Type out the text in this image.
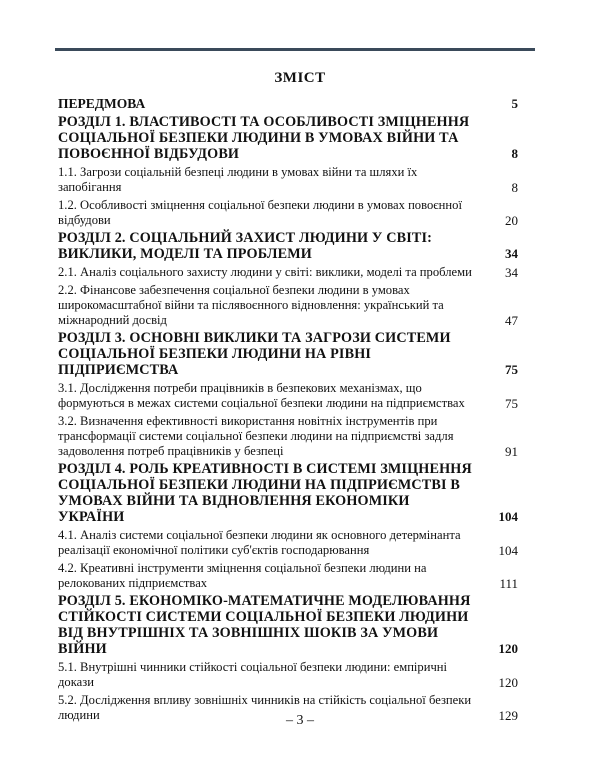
ЗМІСТ
ПЕРЕДМОВА	5
РОЗДІЛ 1. ВЛАСТИВОСТІ ТА ОСОБЛИВОСТІ ЗМІЦНЕННЯ СОЦІАЛЬНОЇ БЕЗПЕКИ ЛЮДИНИ В УМОВАХ ВІЙНИ ТА ПОВОЄННОЇ ВІДБУДОВИ	8
1.1. Загрози соціальній безпеці людини в умовах війни та шляхи їх запобігання	8
1.2. Особливості зміцнення соціальної безпеки людини в умовах повоєнної відбудови	20
РОЗДІЛ 2. СОЦІАЛЬНИЙ ЗАХИСТ ЛЮДИНИ У СВІТІ: ВИКЛИКИ, МОДЕЛІ ТА ПРОБЛЕМИ	34
2.1. Аналіз соціального захисту людини у світі: виклики, моделі та проблеми	34
2.2. Фінансове забезпечення соціальної безпеки людини в умовах широкомасштабної війни та післявоєнного відновлення: український та міжнародний досвід	47
РОЗДІЛ 3. ОСНОВНІ ВИКЛИКИ ТА ЗАГРОЗИ СИСТЕМИ СОЦІАЛЬНОЇ БЕЗПЕКИ ЛЮДИНИ НА РІВНІ ПІДПРИЄМСТВА	75
3.1. Дослідження потреби працівників в безпекових механізмах, що формуються в межах системи соціальної безпеки людини на підприємствах	75
3.2. Визначення ефективності використання новітніх інструментів при трансформації системи соціальної безпеки людини на підприємстві задля задоволення потреб працівників у безпеці	91
РОЗДІЛ 4. РОЛЬ КРЕАТИВНОСТІ В СИСТЕМІ ЗМІЦНЕННЯ СОЦІАЛЬНОЇ БЕЗПЕКИ ЛЮДИНИ НА ПІДПРИЄМСТВІ В УМОВАХ ВІЙНИ ТА ВІДНОВЛЕННЯ ЕКОНОМІКИ УКРАЇНИ	104
4.1. Аналіз системи соціальної безпеки людини як основного детермінанта реалізації економічної політики суб'єктів господарювання	104
4.2. Креативні інструменти зміцнення соціальної безпеки людини на релокованих підприємствах	111
РОЗДІЛ 5. ЕКОНОМІКО-МАТЕМАТИЧНЕ МОДЕЛЮВАННЯ СТІЙКОСТІ СИСТЕМИ СОЦІАЛЬНОЇ БЕЗПЕКИ ЛЮДИНИ ВІД ВНУТРІШНІХ ТА ЗОВНІШНІХ ШОКІВ ЗА УМОВИ ВІЙНИ	120
5.1. Внутрішні чинники стійкості соціальної безпеки людини: емпіричні докази	120
5.2. Дослідження впливу зовнішніх чинників на стійкість соціальної безпеки людини	129
– 3 –
